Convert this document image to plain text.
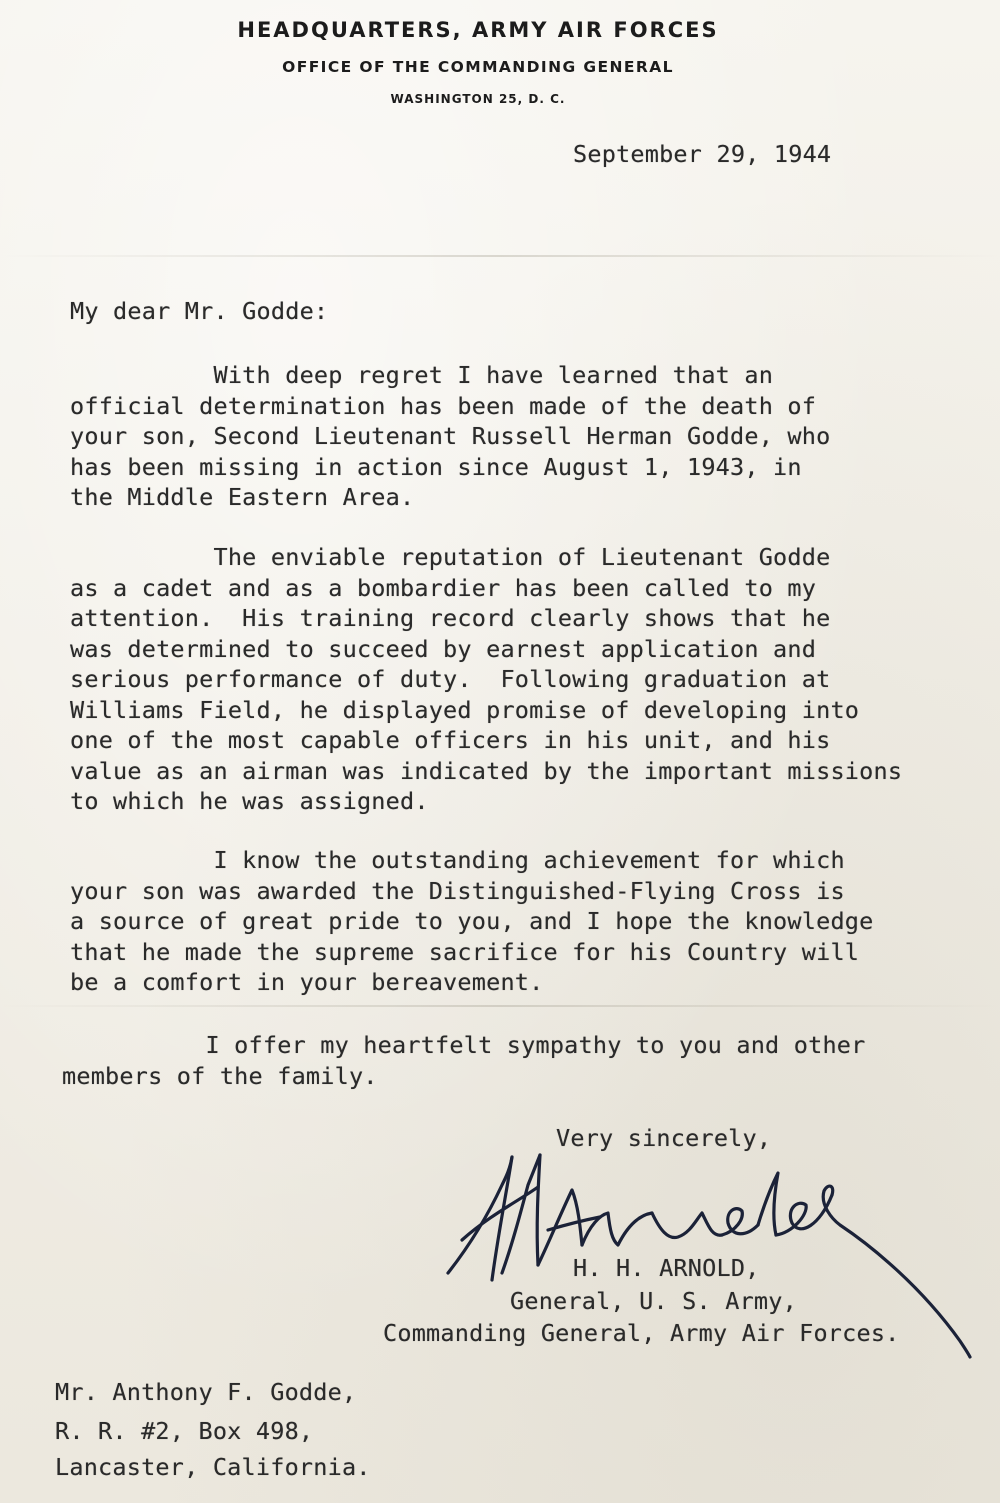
HEADQUARTERS, ARMY AIR FORCES

OFFICE OF THE COMMANDING GENERAL

WASHINGTON 25, D. C.

September 29, 1944

My dear Mr. Godde:

With deep regret I have learned that an
official determination has been made of the death of
your son, Second Lieutenant Russell Herman Godde, who
has been missing in action since August 1, 1943, in
the Middle Eastern Area.
The enviable reputation of Lieutenant Godde
as a cadet and as a bombardier has been called to my
attention.  His training record clearly shows that he
was determined to succeed by earnest application and
serious performance of duty.  Following graduation at
Williams Field, he displayed promise of developing into
one of the most capable officers in his unit, and his
value as an airman was indicated by the important missions
to which he was assigned.
I know the outstanding achievement for which
your son was awarded the Distinguished-Flying Cross is
a source of great pride to you, and I hope the knowledge
that he made the supreme sacrifice for his Country will
be a comfort in your bereavement.
I offer my heartfelt sympathy to you and other
members of the family.

Very sincerely,

H. H. ARNOLD,

General, U. S. Army,

Commanding General, Army Air Forces.

Mr. Anthony F. Godde,

R. R. #2, Box 498,

Lancaster, California.
